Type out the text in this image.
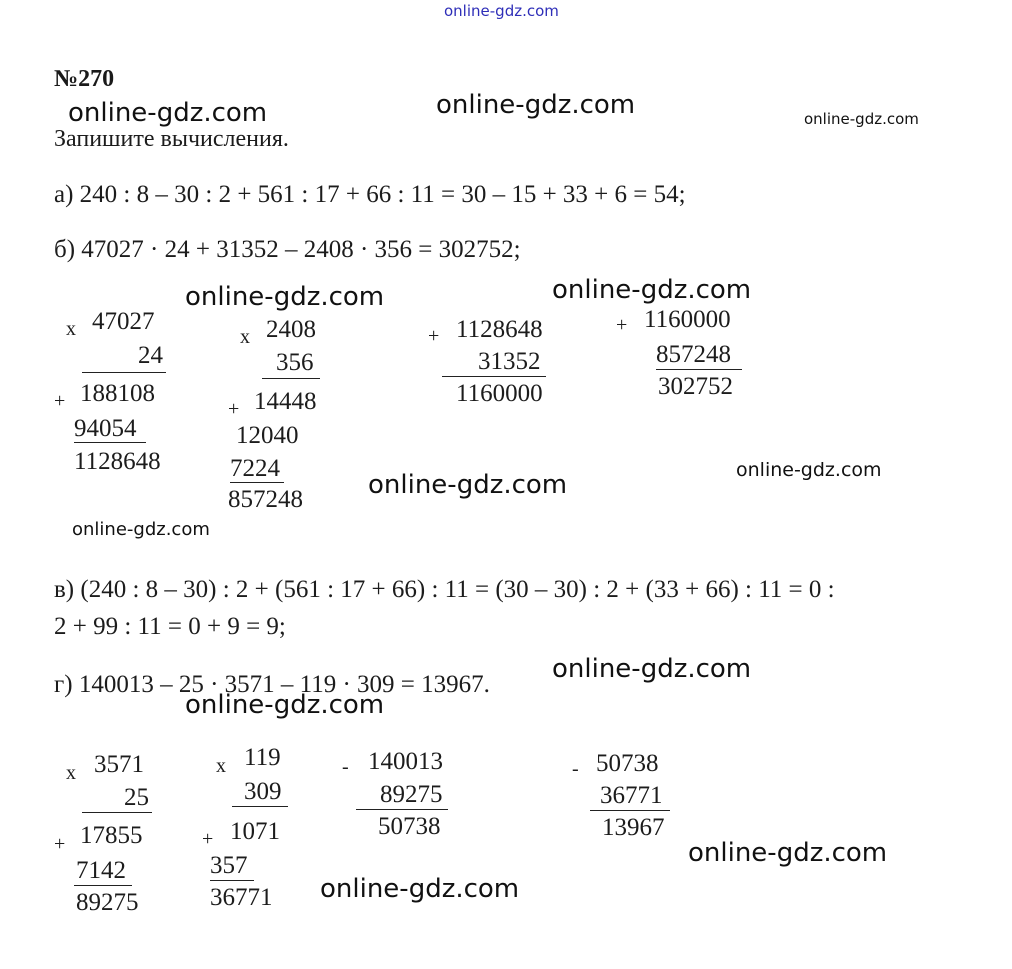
online-gdz.com
№270
Запишите вычисления.
а) 240 : 8 – 30 : 2 + 561 : 17 + 66 : 11 = 30 – 15 + 33 + 6 = 54;
б) 47027 · 24 + 31352 – 2408 · 356 = 302752;
x 47027
24
+ 188108
94054
1128648
x 2408
356
+ 14448
12040
7224
857248
+ 1128648
31352
1160000
+ 1160000
857248
302752
в) (240 : 8 – 30) : 2 + (561 : 17 + 66) : 11 = (30 – 30) : 2 + (33 + 66) : 11 = 0 :
2 + 99 : 11 = 0 + 9 = 9;
г) 140013 – 25 · 3571 – 119 · 309 = 13967.
x 3571
25
+ 17855
7142
89275
x 119
309
+ 1071
357
36771
- 140013
89275
50738
- 50738
36771
13967
online-gdz.com	online-gdz.com	online-gdz.com
online-gdz.com	online-gdz.com
online-gdz.com
online-gdz.com
online-gdz.com
online-gdz.com
online-gdz.com
online-gdz.com
online-gdz.com
